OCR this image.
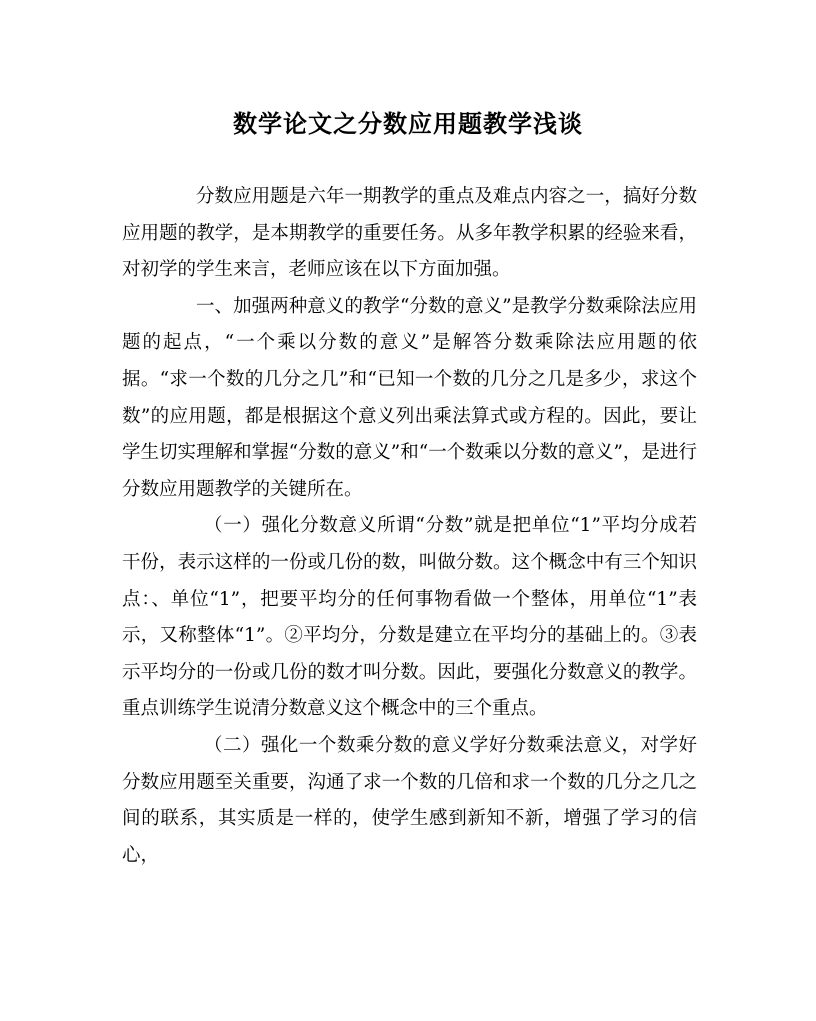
数学论文之分数应用题教学浅谈

分数应用题是六年一期教学的重点及难点内容之一，搞好分数应用题的教学，是本期教学的重要任务。从多年教学积累的经验来看，对初学的学生来言，老师应该在以下方面加强。

一、加强两种意义的教学“分数的意义”是教学分数乘除法应用题的起点，“一个乘以分数的意义”是解答分数乘除法应用题的依据。“求一个数的几分之几”和“已知一个数的几分之几是多少，求这个数”的应用题，都是根据这个意义列出乘法算式或方程的。因此，要让学生切实理解和掌握“分数的意义”和“一个数乘以分数的意义”，是进行分数应用题教学的关键所在。

（一）强化分数意义所谓“分数”就是把单位“1”平均分成若干份，表示这样的一份或几份的数，叫做分数。这个概念中有三个知识点：、单位“1”，把要平均分的任何事物看做一个整体，用单位“1”表示，又称整体“1”。②平均分，分数是建立在平均分的基础上的。③表示平均分的一份或几份的数才叫分数。因此，要强化分数意义的教学。重点训练学生说清分数意义这个概念中的三个重点。

（二）强化一个数乘分数的意义学好分数乘法意义，对学好分数应用题至关重要，沟通了求一个数的几倍和求一个数的几分之几之间的联系，其实质是一样的，使学生感到新知不新，增强了学习的信心，
